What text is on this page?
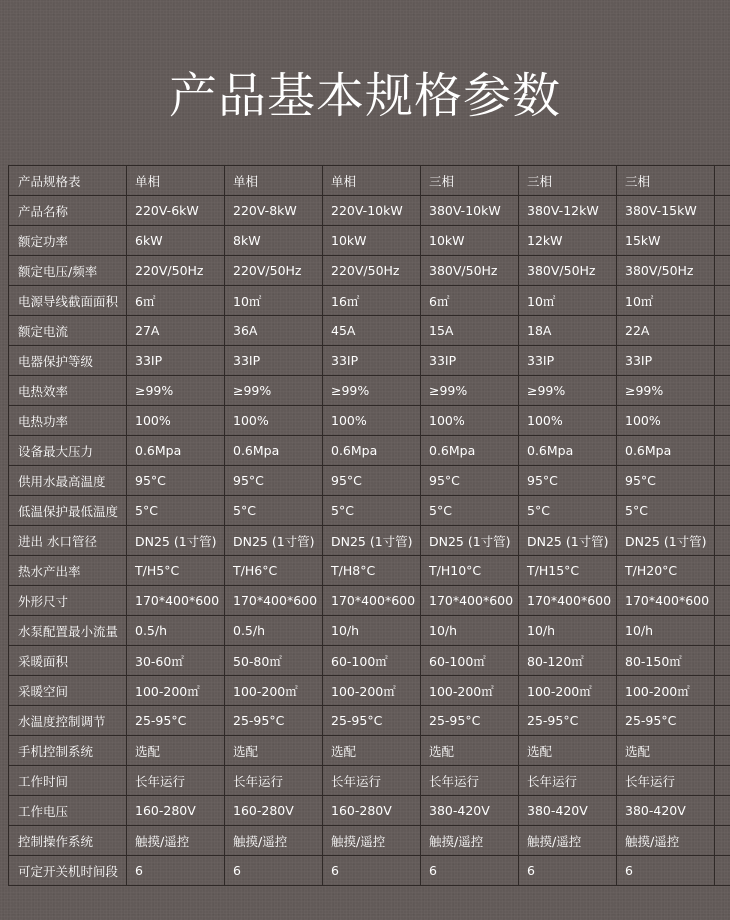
产品基本规格参数
产品规格表	单相	单相	单相	三相	三相	三相	
产品名称	220V-6kW	220V-8kW	220V-10kW	380V-10kW	380V-12kW	380V-15kW	
额定功率	6kW	8kW	10kW	10kW	12kW	15kW	
额定电压/频率	220V/50Hz	220V/50Hz	220V/50Hz	380V/50Hz	380V/50Hz	380V/50Hz	
电源导线截面面积	6㎡	10㎡	16㎡	6㎡	10㎡	10㎡	
额定电流	27A	36A	45A	15A	18A	22A	
电器保护等级	33IP	33IP	33IP	33IP	33IP	33IP	
电热效率	≥99%	≥99%	≥99%	≥99%	≥99%	≥99%	
电热功率	100%	100%	100%	100%	100%	100%	
设备最大压力	0.6Mpa	0.6Mpa	0.6Mpa	0.6Mpa	0.6Mpa	0.6Mpa	
供用水最高温度	95°C	95°C	95°C	95°C	95°C	95°C	
低温保护最低温度	5°C	5°C	5°C	5°C	5°C	5°C	
进出 水口管径	DN25 (1寸管)	DN25 (1寸管)	DN25 (1寸管)	DN25 (1寸管)	DN25 (1寸管)	DN25 (1寸管)	
热水产出率	T/H5°C	T/H6°C	T/H8°C	T/H10°C	T/H15°C	T/H20°C	
外形尺寸	170*400*600	170*400*600	170*400*600	170*400*600	170*400*600	170*400*600	
水泵配置最小流量	0.5/h	0.5/h	10/h	10/h	10/h	10/h	
采暖面积	30-60㎡	50-80㎡	60-100㎡	60-100㎡	80-120㎡	80-150㎡	
采暖空间	100-200㎡	100-200㎡	100-200㎡	100-200㎡	100-200㎡	100-200㎡	
水温度控制调节	25-95°C	25-95°C	25-95°C	25-95°C	25-95°C	25-95°C	
手机控制系统	选配	选配	选配	选配	选配	选配	
工作时间	长年运行	长年运行	长年运行	长年运行	长年运行	长年运行	
工作电压	160-280V	160-280V	160-280V	380-420V	380-420V	380-420V	
控制操作系统	触摸/遥控	触摸/遥控	触摸/遥控	触摸/遥控	触摸/遥控	触摸/遥控	
可定开关机时间段	6	6	6	6	6	6	
